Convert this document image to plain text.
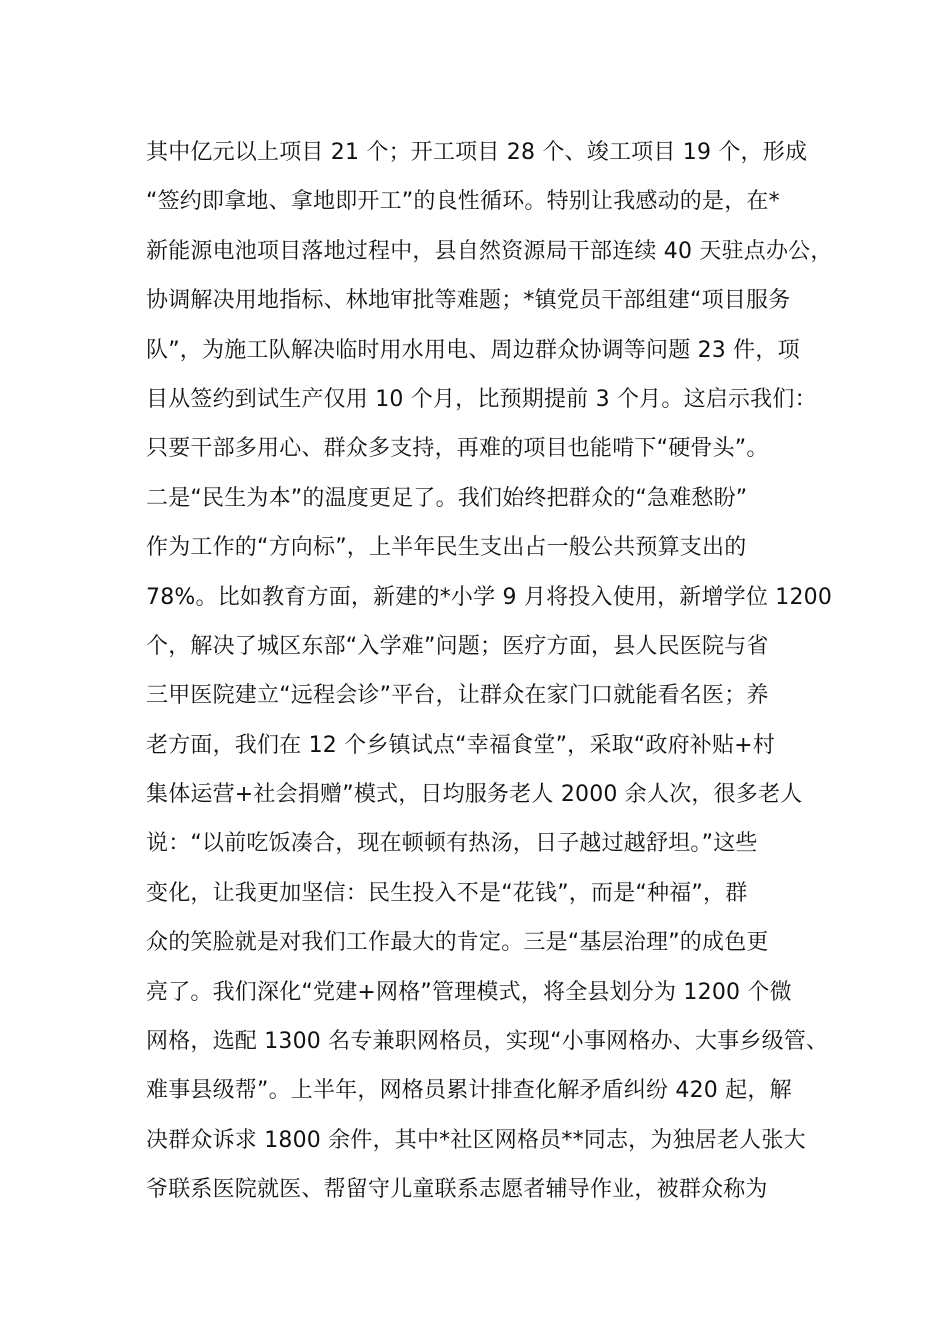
其中亿元以上项目 21 个；开工项目 28 个、竣工项目 19 个，形成
“签约即拿地、拿地即开工”的良性循环。特别让我感动的是，在*
新能源电池项目落地过程中，县自然资源局干部连续 40 天驻点办公，
协调解决用地指标、林地审批等难题；*镇党员干部组建“项目服务
队”，为施工队解决临时用水用电、周边群众协调等问题 23 件，项
目从签约到试生产仅用 10 个月，比预期提前 3 个月。这启示我们：
只要干部多用心、群众多支持，再难的项目也能啃下“硬骨头”。
二是“民生为本”的温度更足了。我们始终把群众的“急难愁盼”
作为工作的“方向标”，上半年民生支出占一般公共预算支出的
78%。比如教育方面，新建的*小学 9 月将投入使用，新增学位 1200
个，解决了城区东部“入学难”问题；医疗方面，县人民医院与省
三甲医院建立“远程会诊”平台，让群众在家门口就能看名医；养
老方面，我们在 12 个乡镇试点“幸福食堂”，采取“政府补贴+村
集体运营+社会捐赠”模式，日均服务老人 2000 余人次，很多老人
说：“以前吃饭凑合，现在顿顿有热汤，日子越过越舒坦。”这些
变化，让我更加坚信：民生投入不是“花钱”，而是“种福”，群
众的笑脸就是对我们工作最大的肯定。三是“基层治理”的成色更
亮了。我们深化“党建+网格”管理模式，将全县划分为 1200 个微
网格，选配 1300 名专兼职网格员，实现“小事网格办、大事乡级管、
难事县级帮”。上半年，网格员累计排查化解矛盾纠纷 420 起，解
决群众诉求 1800 余件，其中*社区网格员**同志，为独居老人张大
爷联系医院就医、帮留守儿童联系志愿者辅导作业，被群众称为
